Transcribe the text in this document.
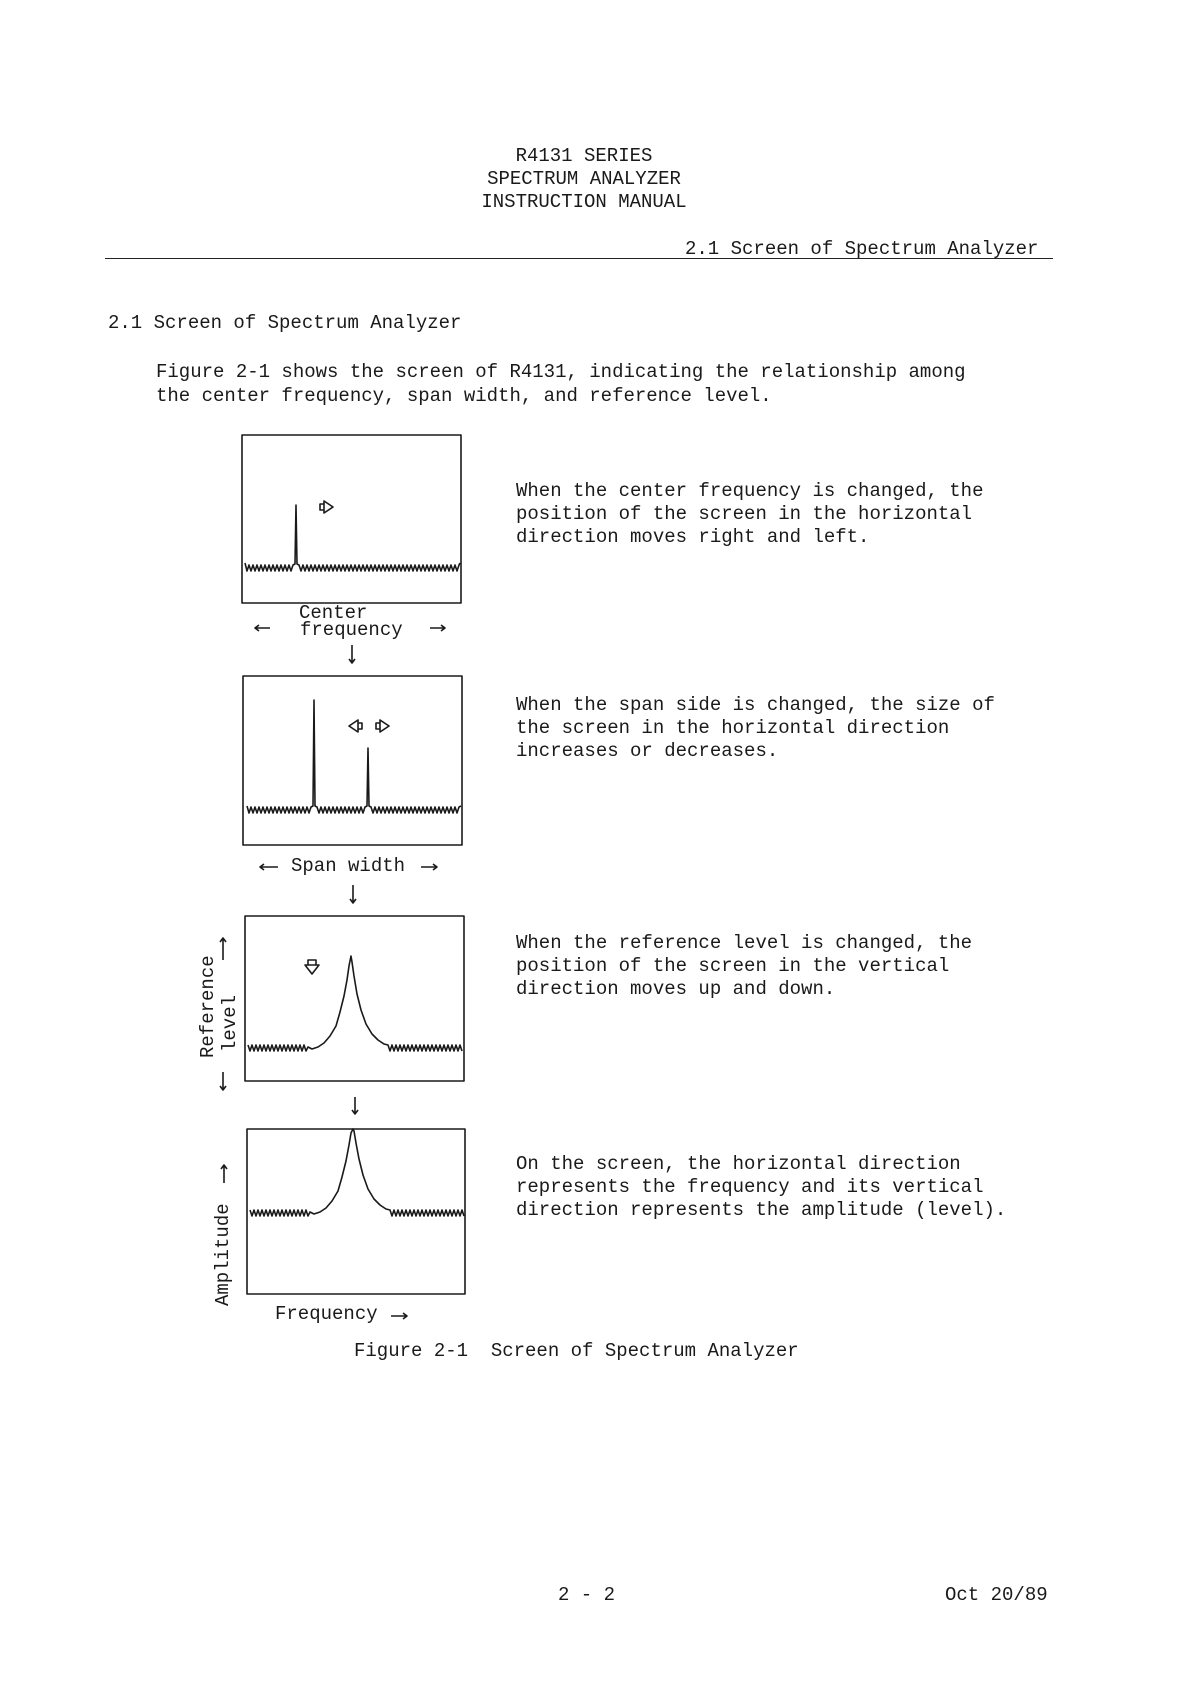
R4131 SERIES
SPECTRUM ANALYZER
INSTRUCTION MANUAL
2.1 Screen of Spectrum Analyzer
2.1 Screen of Spectrum Analyzer
Figure 2-1 shows the screen of R4131, indicating the relationship among
the center frequency, span width, and reference level.
Center
frequency
When the center frequency is changed, the
position of the screen in the horizontal
direction moves right and left.
Span width
When the span side is changed, the size of
the screen in the horizontal direction
increases or decreases.
Reference level
When the reference level is changed, the
position of the screen in the vertical
direction moves up and down.
Amplitude
Frequency
On the screen, the horizontal direction
represents the frequency and its vertical
direction represents the amplitude (level).
Figure 2-1  Screen of Spectrum Analyzer
2 - 2	Oct 20/89
